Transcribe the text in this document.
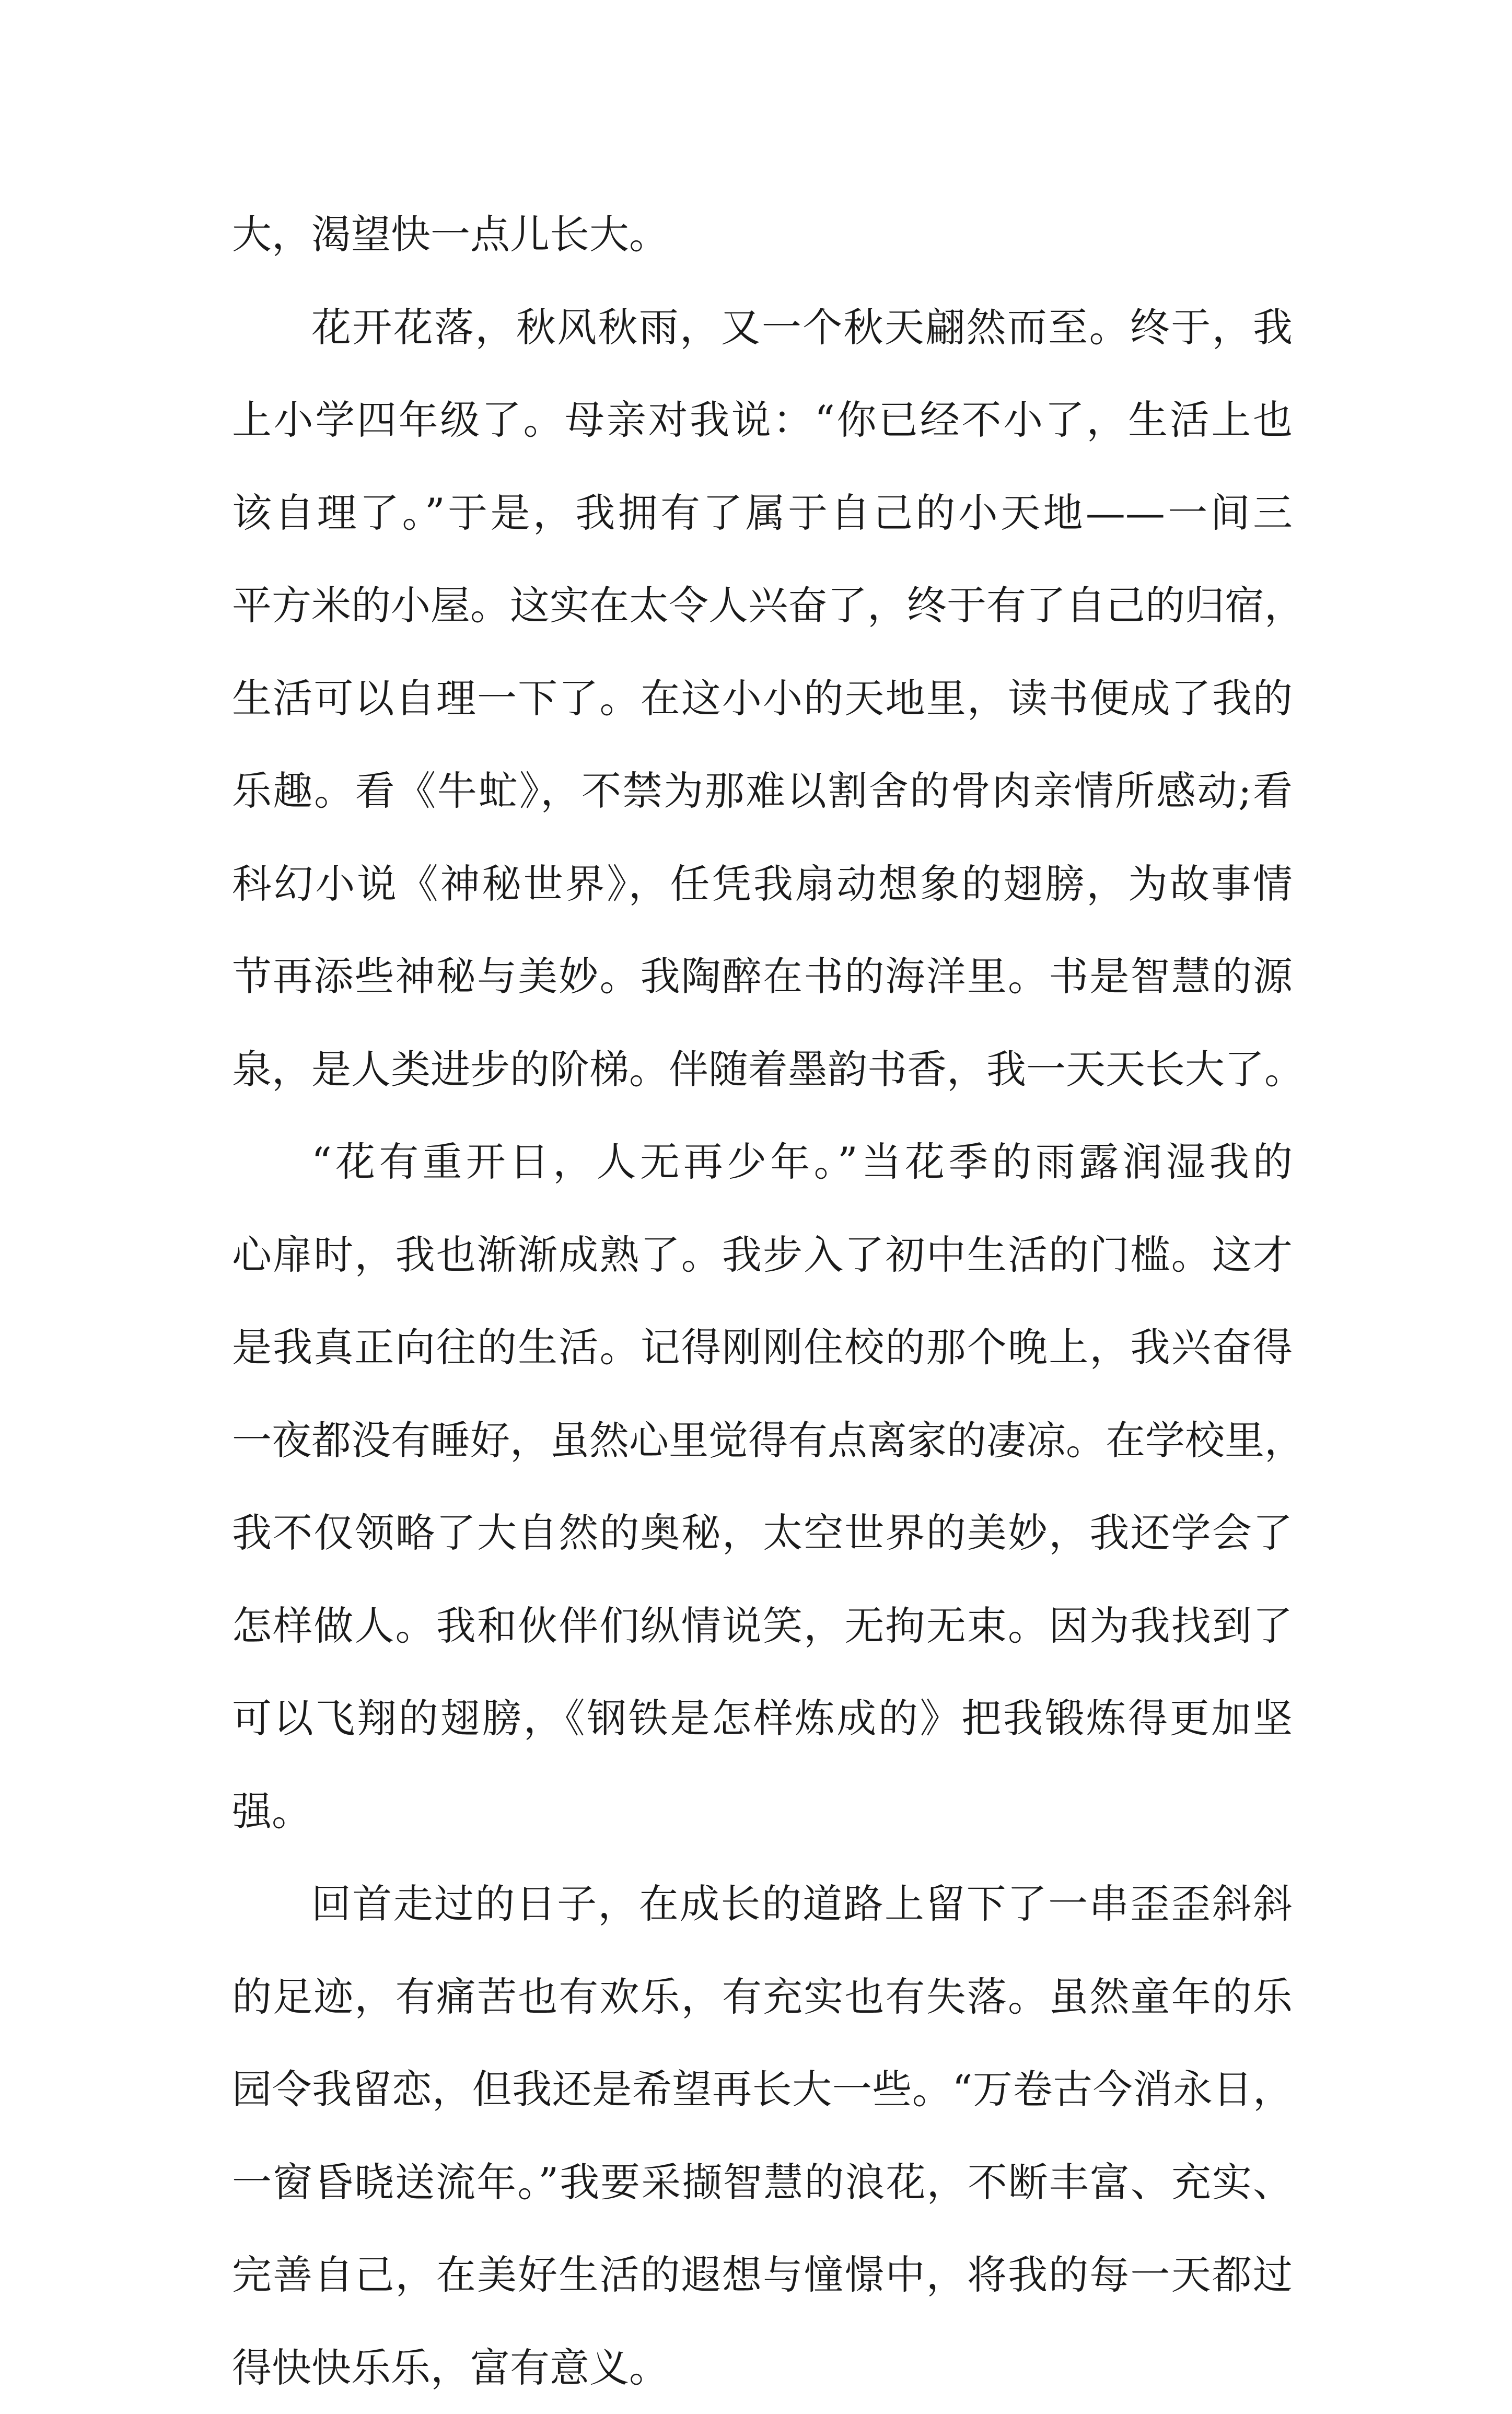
大，渴望快一点儿长大。
花开花落，秋风秋雨，又一个秋天翩然而至。终于，我
上小学四年级了。母亲对我说：“你已经不小了，生活上也
该自理了。”于是，我拥有了属于自己的小天地——一间三
平方米的小屋。这实在太令人兴奋了，终于有了自己的归宿，
生活可以自理一下了。在这小小的天地里，读书便成了我的
乐趣。看《牛虻》，不禁为那难以割舍的骨肉亲情所感动;看
科幻小说《神秘世界》，任凭我扇动想象的翅膀，为故事情
节再添些神秘与美妙。我陶醉在书的海洋里。书是智慧的源
泉，是人类进步的阶梯。伴随着墨韵书香，我一天天长大了。
“花有重开日，人无再少年。”当花季的雨露润湿我的
心扉时，我也渐渐成熟了。我步入了初中生活的门槛。这才
是我真正向往的生活。记得刚刚住校的那个晚上，我兴奋得
一夜都没有睡好，虽然心里觉得有点离家的凄凉。在学校里，
我不仅领略了大自然的奥秘，太空世界的美妙，我还学会了
怎样做人。我和伙伴们纵情说笑，无拘无束。因为我找到了
可以飞翔的翅膀，《钢铁是怎样炼成的》把我锻炼得更加坚
强。
回首走过的日子，在成长的道路上留下了一串歪歪斜斜
的足迹，有痛苦也有欢乐，有充实也有失落。虽然童年的乐
园令我留恋，但我还是希望再长大一些。“万卷古今消永日，
一窗昏晓送流年。”我要采撷智慧的浪花，不断丰富、充实、
完善自己，在美好生活的遐想与憧憬中，将我的每一天都过
得快快乐乐，富有意义。
